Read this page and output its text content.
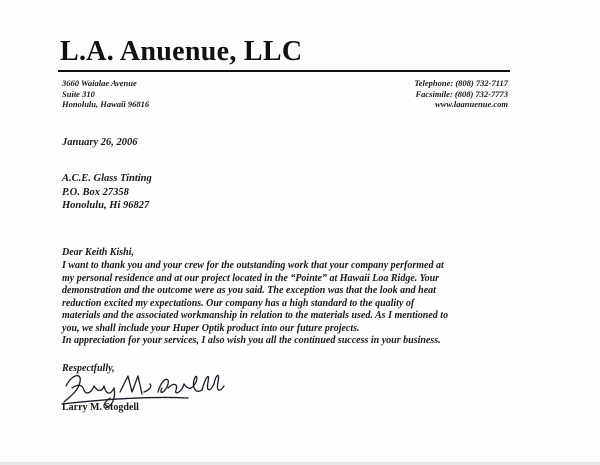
L.A. Anuenue, LLC
3660 Waialae Avenue
Suite 310
Honolulu, Hawaii 96816
Telephone: (808) 732-7117
Facsimile: (808) 732-7773
www.laanuenue.com
January 26, 2006
A.C.E. Glass Tinting
P.O. Box 27358
Honolulu, Hi 96827
Dear Keith Kishi,
I want to thank you and your crew for the outstanding work that your company performed at
my personal residence and at our project located in the “Pointe” at Hawaii Loa Ridge. Your
demonstration and the outcome were as you said. The exception was that the look and heat
reduction excited my expectations. Our company has a high standard to the quality of
materials and the associated workmanship in relation to the materials used. As I mentioned to
you, we shall include your Huper Optik product into our future projects.
In appreciation for your services, I also wish you all the continued success in your business.
Respectfully,
Larry M. Stogdell
